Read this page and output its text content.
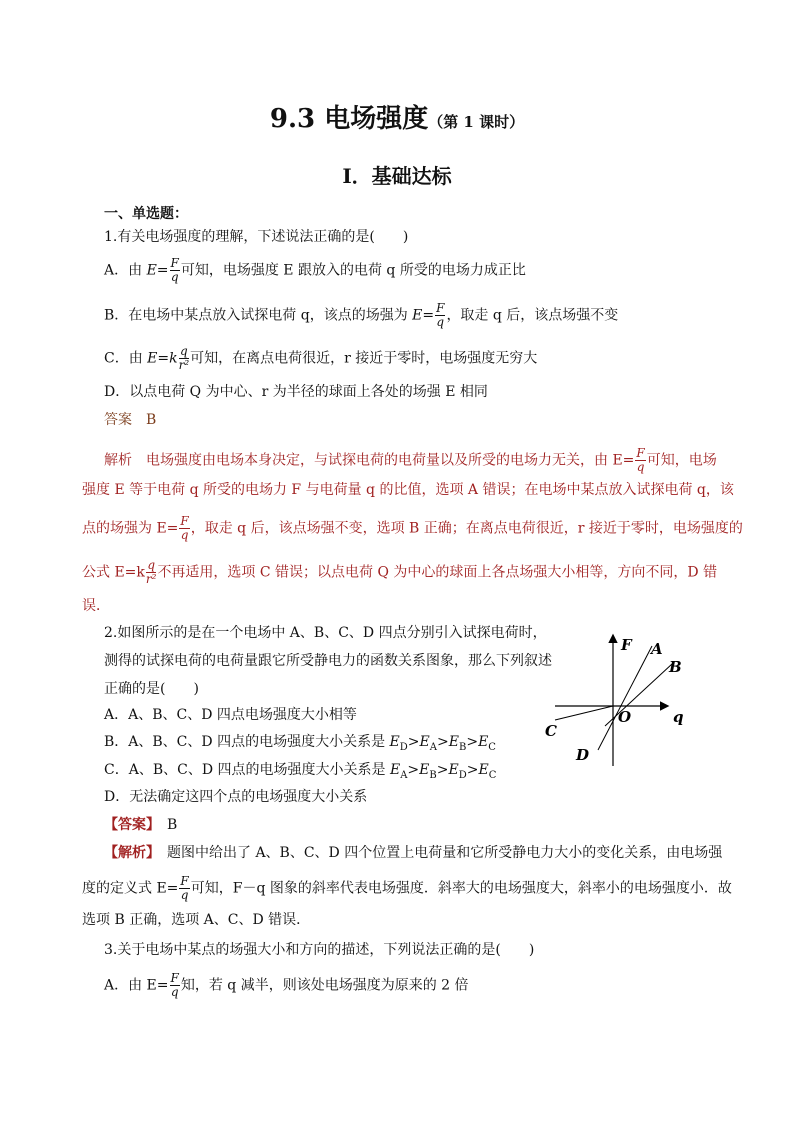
9.3 电场强度（第 1 课时）
Ⅰ．基础达标
一、单选题：
1.有关电场强度的理解，下述说法正确的是(　　)
A．由 $E= \frac{F}{q}$ 可知，电场强度 E 跟放入的电荷 q 所受的电场力成正比
B．在电场中某点放入试探电荷 q，该点的场强为 $E= \frac{F}{q}$ ，取走 q 后，该点场强不变
C．由 $E=k \frac{q}{\text{r²}}$ 可知，在离点电荷很近，r 接近于零时，电场强度无穷大
D．以点电荷 Q 为中心、r 为半径的球面上各处的场强 E 相同
答案　B
解析　电场强度由电场本身决定，与试探电荷的电荷量以及所受的电场力无关，由 $E= \frac{F}{q}$ 可知，电场
强度 E 等于电荷 q 所受的电场力 F 与电荷量 q 的比值，选项 A 错误；在电场中某点放入试探电荷 q，该
点的场强为 $E= \frac{F}{q}$ ，取走 q 后，该点场强不变，选项 B 正确；在离点电荷很近，r 接近于零时，电场强度的
公式 $E=k \frac{q}{\text{r²}}$ 不再适用，选项 C 错误；以点电荷 Q 为中心的球面上各点场强大小相等，方向不同，D 错
误．
2.如图所示的是在一个电场中 A、B、C、D 四点分别引入试探电荷时，
测得的试探电荷的电荷量跟它所受静电力的函数关系图象，那么下列叙述
正确的是(　　)
A．A、B、C、D 四点电场强度大小相等
B．A、B、C、D 四点的电场强度大小关系是 $E_D>E_A>E_B>E_C$
C．A、B、C、D 四点的电场强度大小关系是 $E_A>E_B>E_D>E_C$
D．无法确定这四个点的电场强度大小关系
【答案】　 B
【解析】　 题图中给出了 A、B、C、D 四个位置上电荷量和它所受静电力大小的变化关系，由电场强
度的定义式 $E= \frac{F}{q}$ 可知，F－q 图象的斜率代表电场强度．斜率大的电场强度大，斜率小的电场强度小．故
选项 B 正确，选项 A、C、D 错误．
F A
B
O	q
C
D
3.关于电场中某点的场强大小和方向的描述，下列说法正确的是(　　)
A．由 $E= \frac{F}{q}$ 知，若 q 减半，则该处电场强度为原来的 2 倍
